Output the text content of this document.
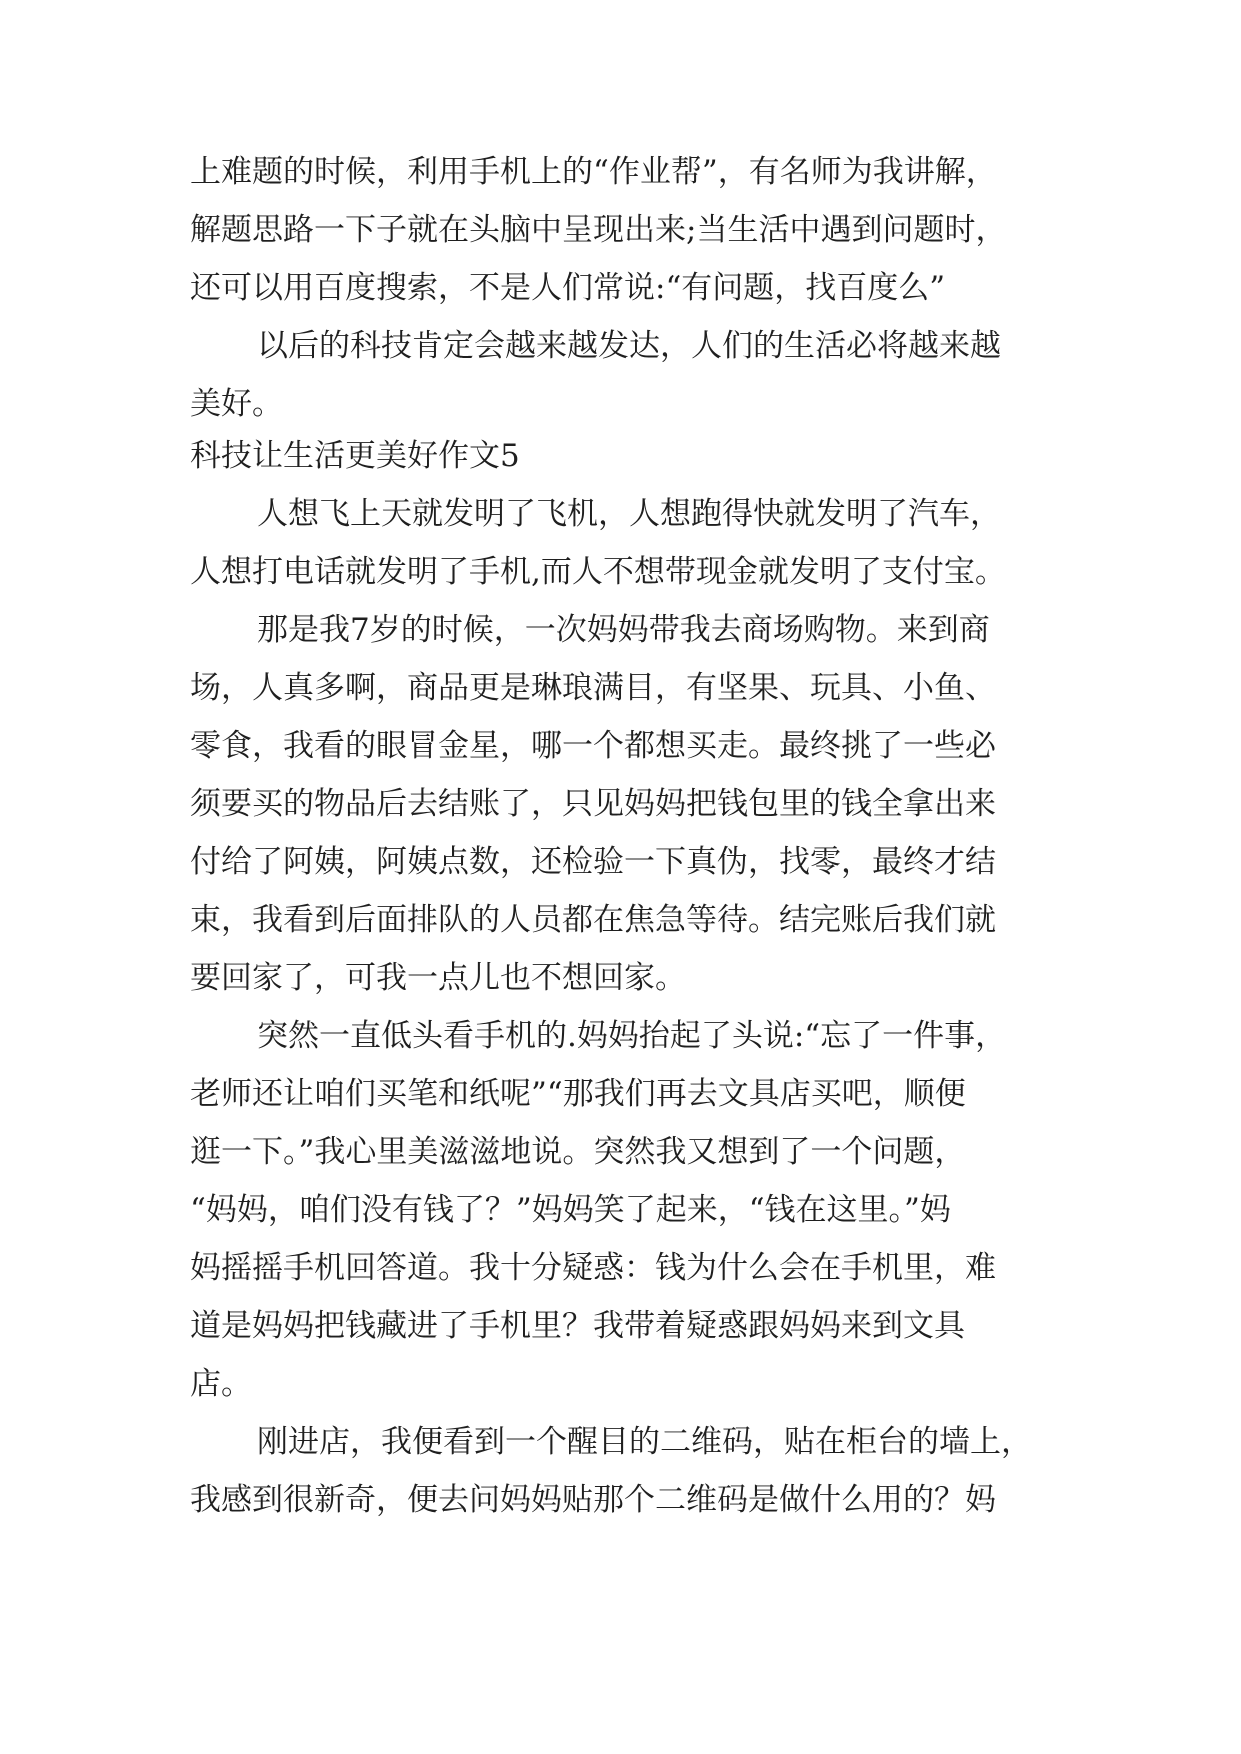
上难题的时候，利用手机上的“作业帮”，有名师为我讲解，

解题思路一下子就在头脑中呈现出来;当生活中遇到问题时，

还可以用百度搜索，不是人们常说:“有问题，找百度么”

以后的科技肯定会越来越发达，人们的生活必将越来越

美好。

科技让生活更美好作文5

人想飞上天就发明了飞机，人想跑得快就发明了汽车，

人想打电话就发明了手机,而人不想带现金就发明了支付宝。

那是我7岁的时候，一次妈妈带我去商场购物。来到商

场，人真多啊，商品更是琳琅满目，有坚果、玩具、小鱼、

零食，我看的眼冒金星，哪一个都想买走。最终挑了一些必

须要买的物品后去结账了，只见妈妈把钱包里的钱全拿出来

付给了阿姨，阿姨点数，还检验一下真伪，找零，最终才结

束，我看到后面排队的人员都在焦急等待。结完账后我们就

要回家了，可我一点儿也不想回家。

突然一直低头看手机的.妈妈抬起了头说:“忘了一件事，

老师还让咱们买笔和纸呢”“那我们再去文具店买吧，顺便

逛一下。”我心里美滋滋地说。突然我又想到了一个问题，

“妈妈，咱们没有钱了？”妈妈笑了起来，“钱在这里。”妈

妈摇摇手机回答道。我十分疑惑：钱为什么会在手机里，难

道是妈妈把钱藏进了手机里？我带着疑惑跟妈妈来到文具

店。

刚进店，我便看到一个醒目的二维码，贴在柜台的墙上，

我感到很新奇，便去问妈妈贴那个二维码是做什么用的？妈
